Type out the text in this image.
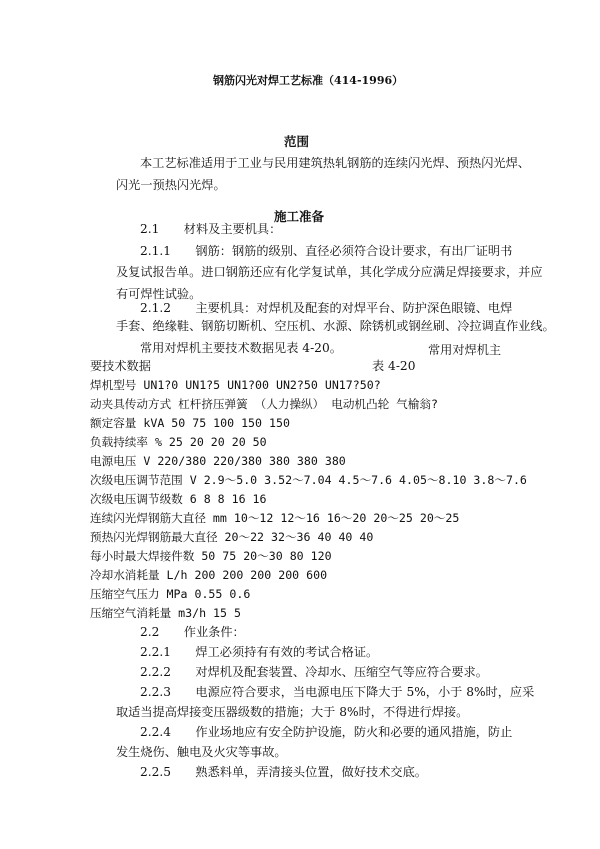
钢筋闪光对焊工艺标准（414-1996）
范围
本工艺标准适用于工业与民用建筑热轧钢筋的连续闪光焊、预热闪光焊、
闪光一预热闪光焊。
施工准备
2.1　　材料及主要机具：
2.1.1　　钢筋：钢筋的级别、直径必须符合设计要求，有出厂证明书
及复试报告单。进口钢筋还应有化学复试单，其化学成分应满足焊接要求，并应
有可焊性试验。
2.1.2　　主要机具：对焊机及配套的对焊平台、防护深色眼镜、电焊
手套、绝缘鞋、钢筋切断机、空压机、水源、除锈机或钢丝刷、冷拉调直作业线。
常用对焊机主要技术数据见表 4-20。	常用对焊机主
要技术数据	表 4-20
焊机型号 UN1?0 UN1?5 UN1?00 UN2?50 UN17?50?
动夹具传动方式 杠杆挤压弹簧 （人力操纵） 电动机凸轮 气榆翁?
额定容量 kVA 50 75 100 150 150
负载持续率 % 25 20 20 20 50
电源电压 V 220/380 220/380 380 380 380
次级电压调节范围 V 2.9～5.0 3.52～7.04 4.5～7.6 4.05～8.10 3.8～7.6
次级电压调节级数 6 8 8 16 16
连续闪光焊钢筋大直径 mm 10～12 12～16 16～20 20～25 20～25
预热闪光焊钢筋最大直径 20～22 32～36 40 40 40
每小时最大焊接件数 50 75 20～30 80 120
冷却水消耗量 L/h 200 200 200 200 600
压缩空气压力 MPa 0.55 0.6
压缩空气消耗量 m3/h 15 5
2.2　　作业条件：
2.2.1　　焊工必须持有有效的考试合格证。
2.2.2　　对焊机及配套装置、冷却水、压缩空气等应符合要求。
2.2.3　　电源应符合要求，当电源电压下降大于 5%，小于 8%时，应采
取适当提高焊接变压器级数的措施；大于 8%时，不得进行焊接。
2.2.4　　作业场地应有安全防护设施，防火和必要的通风措施，防止
发生烧伤、触电及火灾等事故。
2.2.5　　熟悉料单，弄清接头位置，做好技术交底。
